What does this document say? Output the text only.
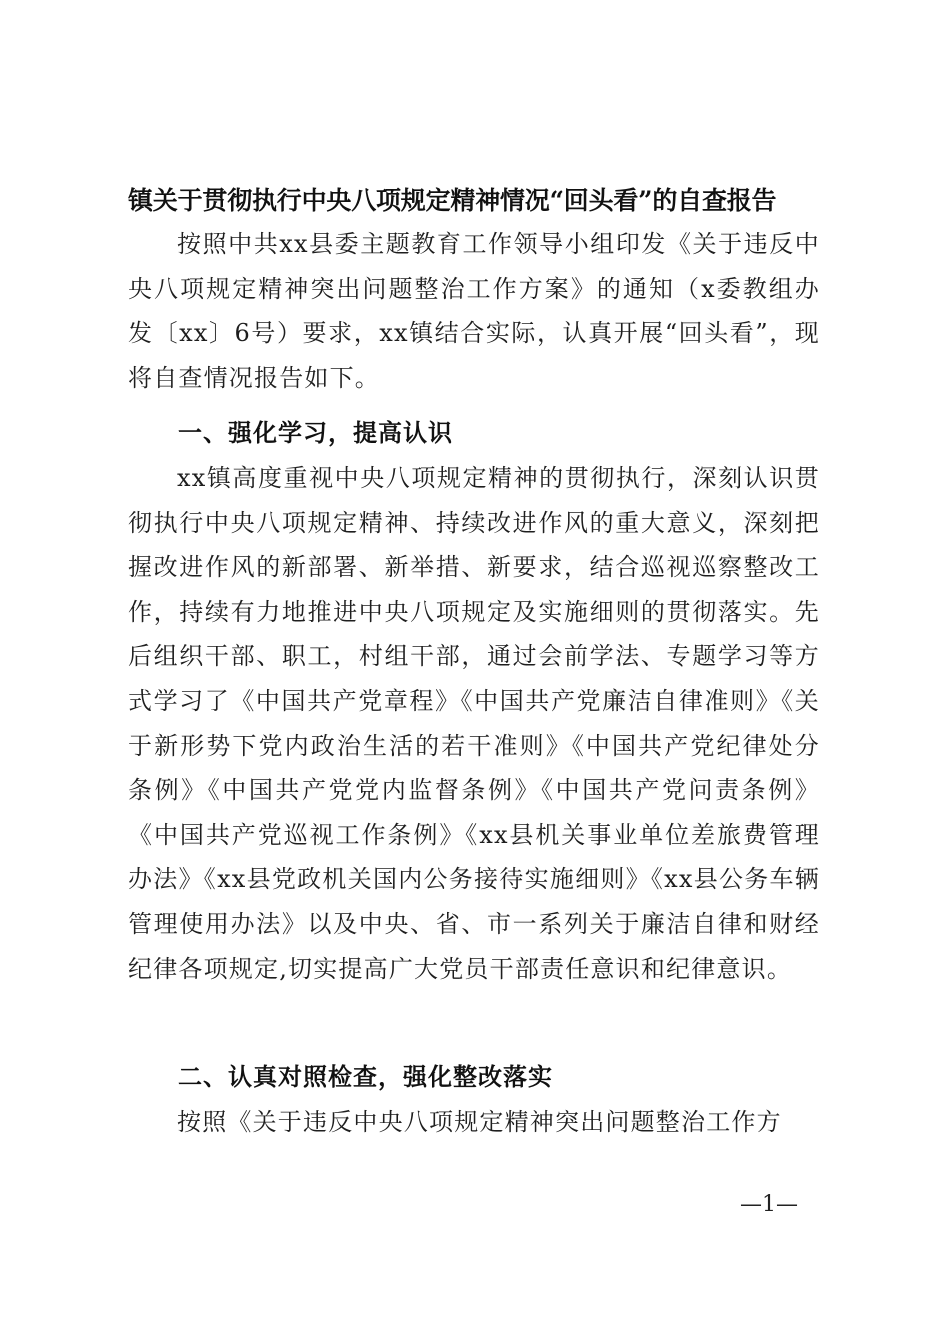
镇关于贯彻执行中央八项规定精神情况“回头看”的自查报告
按照中共xx县委主题教育工作领导小组印发《关于违反中央八项规定精神突出问题整治工作方案》的通知（x委教组办发〔xx〕6号）要求，xx镇结合实际，认真开展“回头看”，现将自查情况报告如下。
一、强化学习，提高认识
xx镇高度重视中央八项规定精神的贯彻执行，深刻认识贯彻执行中央八项规定精神、持续改进作风的重大意义，深刻把握改进作风的新部署、新举措、新要求，结合巡视巡察整改工作，持续有力地推进中央八项规定及实施细则的贯彻落实。先后组织干部、职工，村组干部，通过会前学法、专题学习等方式学习了《中国共产党章程》《中国共产党廉洁自律准则》《关于新形势下党内政治生活的若干准则》《中国共产党纪律处分条例》《中国共产党党内监督条例》《中国共产党问责条例》《中国共产党巡视工作条例》《xx县机关事业单位差旅费管理办法》《xx县党政机关国内公务接待实施细则》《xx县公务车辆管理使用办法》以及中央、省、市一系列关于廉洁自律和财经纪律各项规定,切实提高广大党员干部责任意识和纪律意识。
二、认真对照检查，强化整改落实
按照《关于违反中央八项规定精神突出问题整治工作方
—1—
